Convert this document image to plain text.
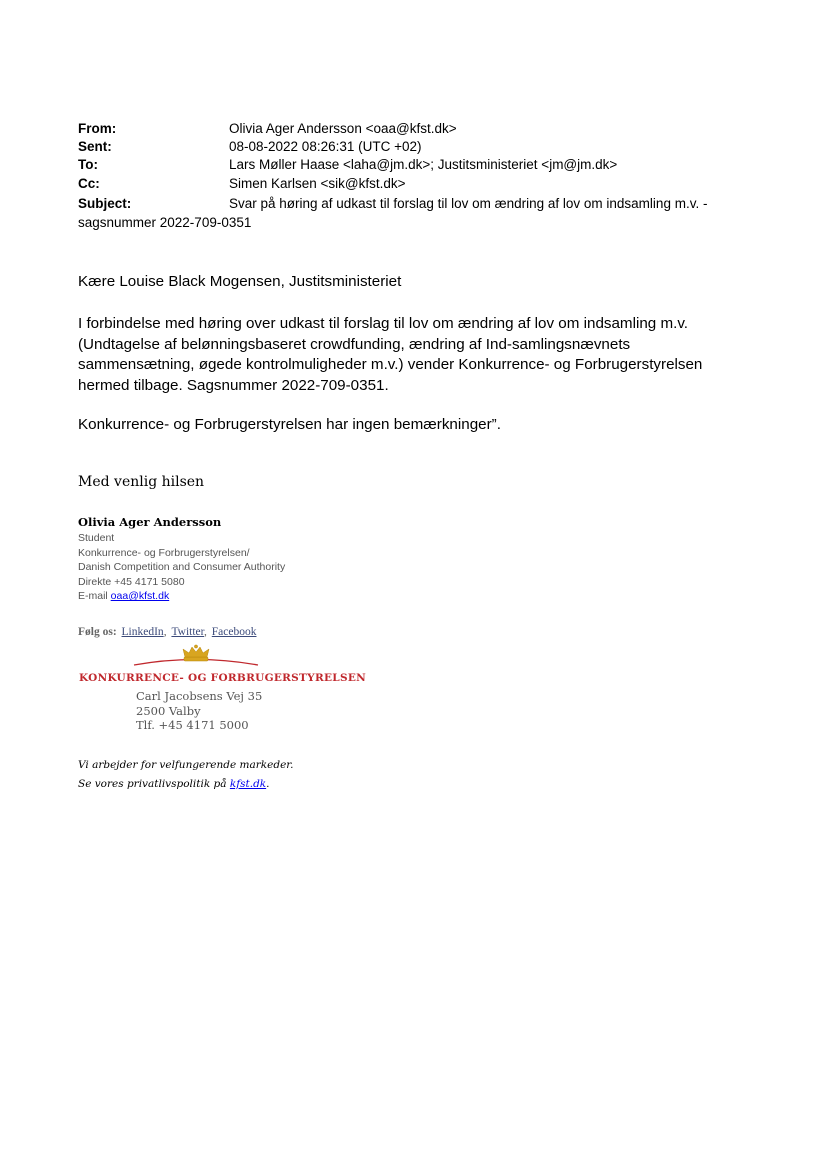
From:	Olivia Ager Andersson <oaa@kfst.dk>
Sent:	08-08-2022 08:26:31 (UTC +02)
To:	Lars Møller Haase <laha@jm.dk>; Justitsministeriet <jm@jm.dk>
Cc:	Simen Karlsen <sik@kfst.dk>
Subject:	Svar på høring af udkast til forslag til lov om ændring af lov om indsamling m.v. -
sagsnummer 2022-709-0351
Kære Louise Black Mogensen, Justitsministeriet
I forbindelse med høring over udkast til forslag til lov om ændring af lov om indsamling m.v.
(Undtagelse af belønningsbaseret crowdfunding, ændring af Ind-samlingsnævnets
sammensætning, øgede kontrolmuligheder m.v.) vender Konkurrence- og Forbrugerstyrelsen
hermed tilbage. Sagsnummer 2022-709-0351.
Konkurrence- og Forbrugerstyrelsen har ingen bemærkninger”.
Med venlig hilsen
Olivia Ager Andersson
Student
Konkurrence- og Forbrugerstyrelsen/
Danish Competition and Consumer Authority
Direkte +45 4171 5080
E-mail oaa@kfst.dk
Følg os: LinkedIn, Twitter, Facebook
KONKURRENCE- OG FORBRUGERSTYRELSEN
Carl Jacobsens Vej 35
2500 Valby
Tlf. +45 4171 5000
Vi arbejder for velfungerende markeder.
Se vores privatlivspolitik på kfst.dk.
